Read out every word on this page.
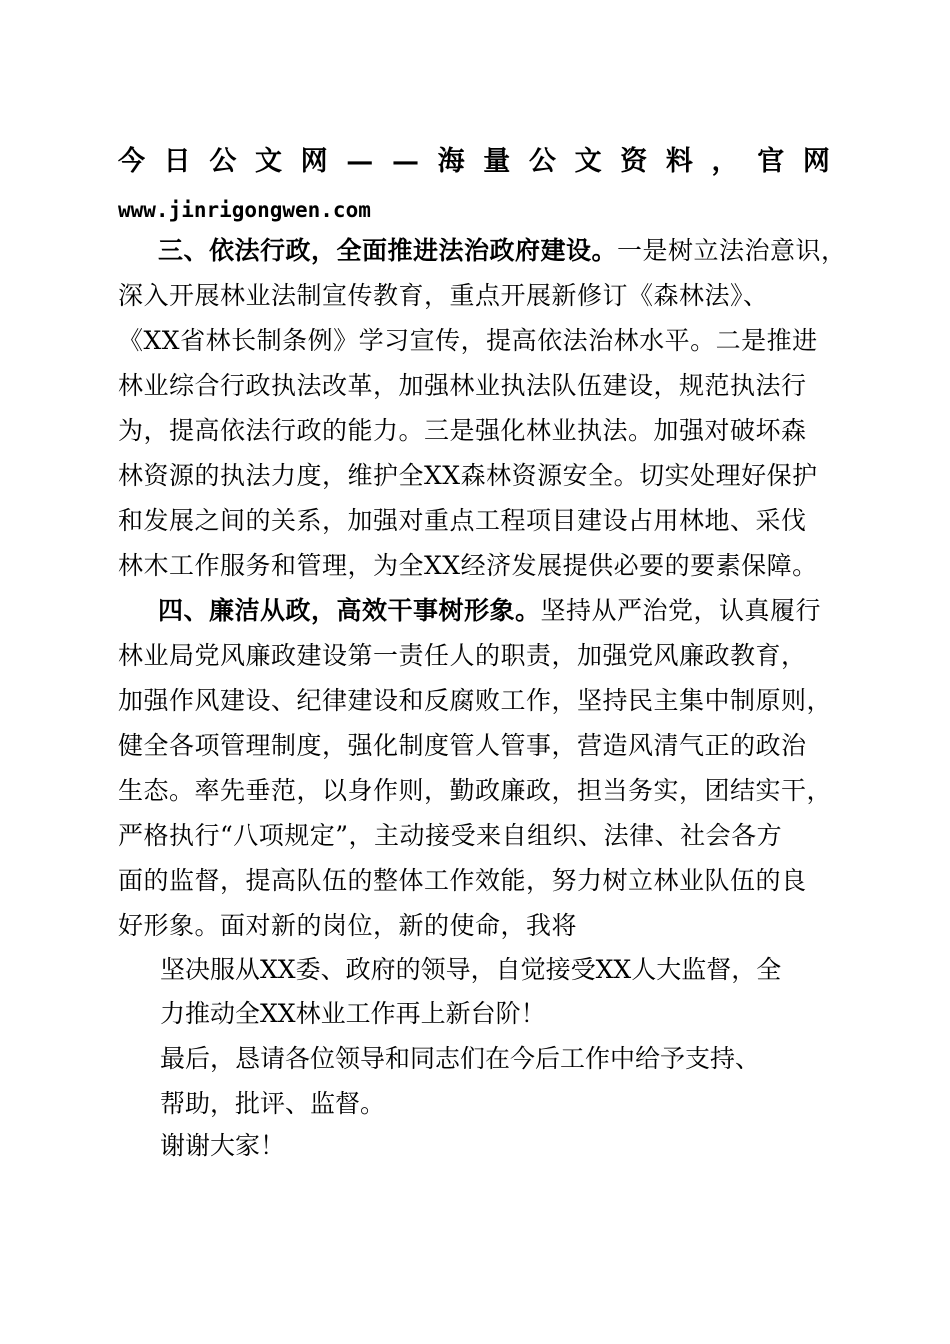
今 日 公 文 网 — — 海 量 公 文 资 料 ， 官 网
www.jinrigongwen.com
三、依法行政，全面推进法治政府建设。一是树立法治意识，
深入开展林业法制宣传教育，重点开展新修订《森林法》、
《XX省林长制条例》学习宣传，提高依法治林水平。二是推进
林业综合行政执法改革，加强林业执法队伍建设，规范执法行
为，提高依法行政的能力。三是强化林业执法。加强对破坏森
林资源的执法力度，维护全XX森林资源安全。切实处理好保护
和发展之间的关系，加强对重点工程项目建设占用林地、采伐
林木工作服务和管理，为全XX经济发展提供必要的要素保障。
四、廉洁从政，高效干事树形象。坚持从严治党，认真履行
林业局党风廉政建设第一责任人的职责，加强党风廉政教育，
加强作风建设、纪律建设和反腐败工作，坚持民主集中制原则，
健全各项管理制度，强化制度管人管事，营造风清气正的政治
生态。率先垂范，以身作则，勤政廉政，担当务实，团结实干，
严格执行“八项规定”，主动接受来自组织、法律、社会各方
面的监督，提高队伍的整体工作效能，努力树立林业队伍的良
好形象。面对新的岗位，新的使命，我将
坚决服从XX委、政府的领导，自觉接受XX人大监督，全
力推动全XX林业工作再上新台阶！
最后，恳请各位领导和同志们在今后工作中给予支持、
帮助，批评、监督。
谢谢大家！
